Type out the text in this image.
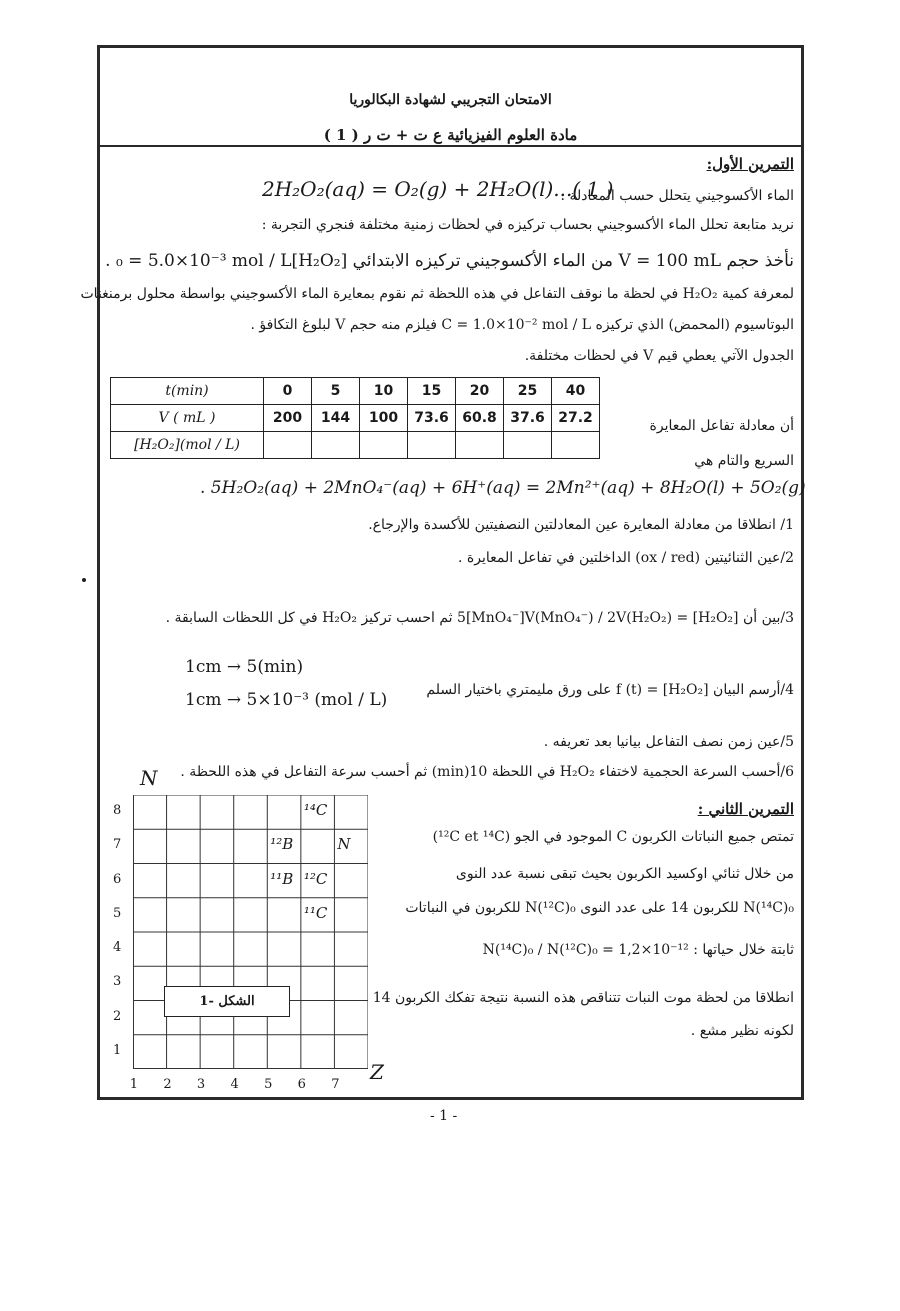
الامتحان التجريبي لشهادة البكالوريا
مادة العلوم الفيزيائية ع ت + ت ر ( 1 )
التمرين الأول:
2H₂O₂(aq) = O₂(g) + 2H₂O(l)...( 1 )
الماء الأكسوجيني يتحلل حسب المعادلة :
نريد متابعة تحلل الماء الأكسوجيني بحساب تركيزه في لحظات زمنية مختلفة فنجري التجربة :
نأخذ حجم V = 100 mL من الماء الأكسوجيني تركيزه الابتدائي [H₂O₂]₀ = 5.0×10⁻³ mol / L .
لمعرفة كمية H₂O₂ في لحظة ما نوقف التفاعل في هذه اللحظة ثم نقوم بمعايرة الماء الأكسوجيني بواسطة محلول برمنغنات
البوتاسيوم (المحمض) الذي تركيزه C = 1.0×10⁻² mol / L فيلزم منه حجم V لبلوغ التكافؤ .
الجدول الآتي يعطي قيم V في لحظات مختلفة.
t(min)	0	5	10	15	20	25	40
V ( mL )	200	144	100	73.6	60.8	37.6	27.2
[H₂O₂](mol / L)							
أن معادلة تفاعل المعايرة
السريع والتام هي
. 5H₂O₂(aq) + 2MnO₄⁻(aq) + 6H⁺(aq) = 2Mn²⁺(aq) + 8H₂O(l) + 5O₂(g)
1/ انطلاقا من معادلة المعايرة عين المعادلتين النصفيتين للأكسدة والإرجاع.
2/عين الثنائيتين (ox / red) الداخلتين في تفاعل المعايرة .
3/بين أن [H₂O₂] = 5[MnO₄⁻]V(MnO₄⁻) / 2V(H₂O₂) ثم احسب تركيز H₂O₂ في كل اللحظات السابقة .
1cm → 5(min)
1cm → 5×10⁻³ (mol / L)	4/أرسم البيان [H₂O₂] = f (t) على ورق مليمتري باختيار السلم
5/عين زمن نصف التفاعل بيانيا بعد تعريفه .
6/أحسب السرعة الحجمية لاختفاء H₂O₂ في اللحظة 10(min) ثم أحسب سرعة التفاعل في هذه اللحظة .
التمرين الثاني :
تمتص جميع النباتات الكربون C الموجود في الجو (¹²C et ¹⁴C)
من خلال ثنائي اوكسيد الكربون بحيث تبقى نسبة عدد النوى
N(¹⁴C)₀ للكربون 14 على عدد النوى N(¹²C)₀ للكربون في النباتات
ثابتة خلال حياتها : N(¹⁴C)₀ / N(¹²C)₀ = 1,2×10⁻¹²
انطلاقا من لحظة موت النبات تتناقص هذه النسبة نتيجة تفكك الكربون 14
لكونه نظير مشع .
N
Z
1
2
3
4
5
6
7
8
1 2 3 4 5 6 7
¹⁴C
¹²B	N
¹¹B ¹²C
¹¹C
الشكل -1
- 1 -
